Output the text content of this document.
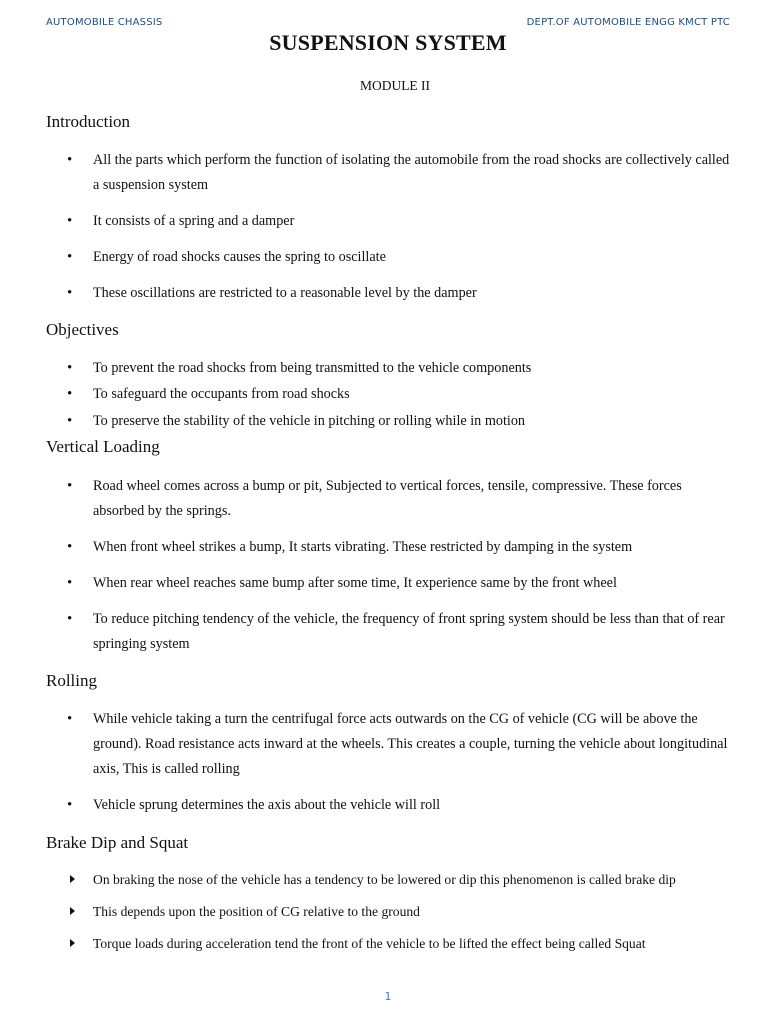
AUTOMOBILE CHASSIS	DEPT.OF AUTOMOBILE ENGG KMCT PTC
SUSPENSION SYSTEM
MODULE II
Introduction
• All the parts which perform the function of isolating the automobile from the road shocks are collectively called a suspension system
• It consists of a spring and a damper
• Energy of road shocks causes the spring to oscillate
• These oscillations are restricted to a reasonable level by the damper
Objectives
• To prevent the road shocks from being transmitted to the vehicle components
• To safeguard the occupants from road shocks
• To preserve the stability of the vehicle in pitching or rolling while in motion
Vertical Loading
• Road wheel comes across a bump or pit, Subjected to vertical forces, tensile, compressive. These forces absorbed by the springs.
• When front wheel strikes a bump, It starts vibrating. These restricted by damping in the system
• When rear wheel reaches same bump after some time, It experience same by the front wheel
• To reduce pitching tendency of the vehicle, the frequency of front spring system should be less than that of rear springing system
Rolling
• While vehicle taking a turn the centrifugal force acts outwards on the CG of vehicle (CG will be above the ground). Road resistance acts inward at the wheels. This creates a couple, turning the vehicle about longitudinal axis, This is called rolling
• Vehicle sprung determines the axis about the vehicle will roll
Brake Dip and Squat
On braking the nose of the vehicle has a tendency to be lowered or dip this phenomenon is called brake dip
This depends upon the position of CG relative to the ground
Torque loads during acceleration tend the front of the vehicle to be lifted the effect being called Squat
1
